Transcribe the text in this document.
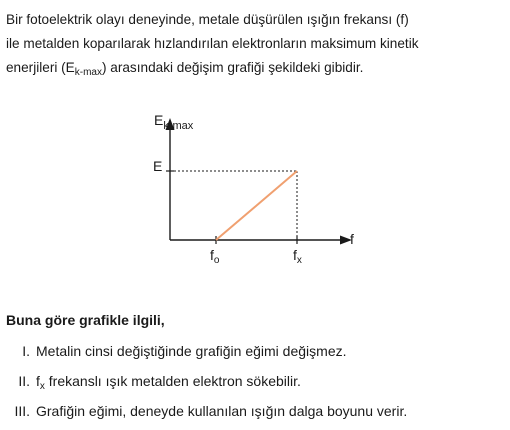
Bir fotoelektrik olayı deneyinde, metale düşürülen ışığın frekansı (f)
ile metalden koparılarak hızlandırılan elektronların maksimum kinetik
enerjileri $(E_{k-max})$ arasındaki değişim grafiği şekildeki gibidir.
$E_{k-max}$
E
f
$f_o$	$f_x$
Buna göre grafikle ilgili,
I. Metalin cinsi değiştiğinde grafiğin eğimi değişmez.
II. $f_x$ frekanslı ışık metalden elektron sökebilir.
III. Grafiğin eğimi, deneyde kullanılan ışığın dalga boyunu verir.
